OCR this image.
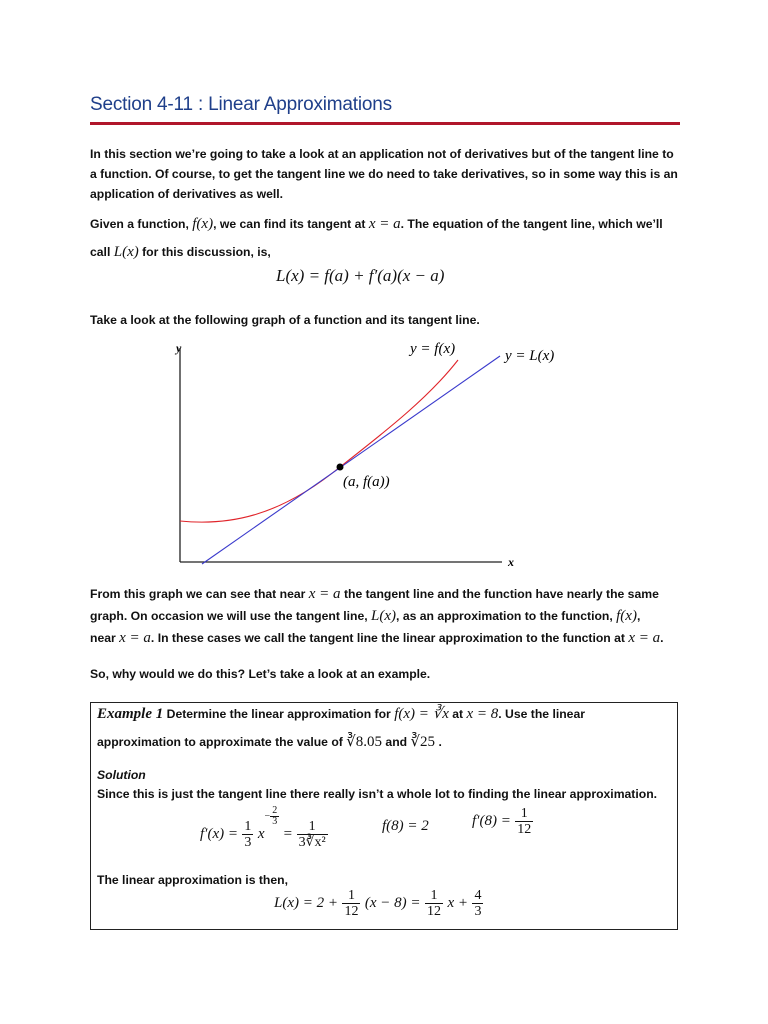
Section 4-11 : Linear Approximations
In this section we’re going to take a look at an application not of derivatives but of the tangent line to a function. Of course, to get the tangent line we do need to take derivatives, so in some way this is an application of derivatives as well.
Given a function, f(x), we can find its tangent at x = a. The equation of the tangent line, which we’ll
call L(x) for this discussion, is,
L(x) = f(a) + f′(a)(x − a)
Take a look at the following graph of a function and its tangent line.
y
x
y = f(x)	y = L(x)
(a, f(a))
From this graph we can see that near x = a the tangent line and the function have nearly the same
graph. On occasion we will use the tangent line, L(x), as an approximation to the function, f(x),
near x = a. In these cases we call the tangent line the linear approximation to the function at x = a.
So, why would we do this? Let’s take a look at an example.
Example 1 Determine the linear approximation for f(x) = ∛x at x = 8. Use the linear
approximation to approximate the value of ∛8.05 and ∛25 .
Solution
Since this is just the tangent line there really isn’t a whole lot to finding the linear approximation.
$f'(x) = \frac{1}{3} x- \frac{2}{3}$
= $\frac{1}{\text{3∛x²}}$	f(8) = 2	$f'(8) = \frac{1}{12}$
The linear approximation is then,
$L(x) = 2 + \frac{1}{12} (x - 8) = \frac{1}{12}$ $x + \frac{4}{3}$
